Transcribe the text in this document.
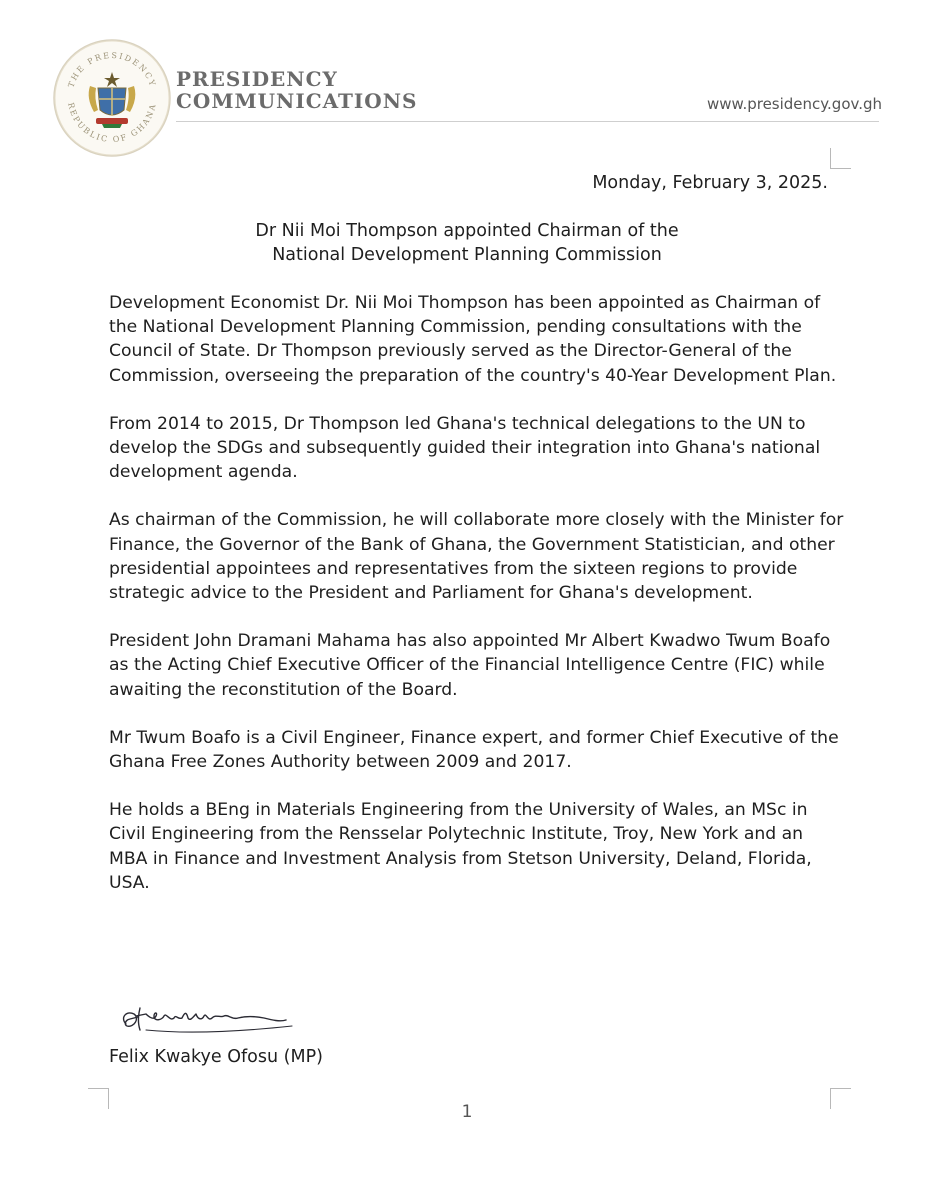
THE PRESIDENCY
REPUBLIC OF GHANA
PRESIDENCY
COMMUNICATIONS	www.presidency.gov.gh
Monday, February 3, 2025.
Dr Nii Moi Thompson appointed Chairman of the
National Development Planning Commission

Development Economist Dr. Nii Moi Thompson has been appointed as Chairman of the National Development Planning Commission, pending consultations with the Council of State. Dr Thompson previously served as the Director-General of the Commission, overseeing the preparation of the country's 40-Year Development Plan.

From 2014 to 2015, Dr Thompson led Ghana's technical delegations to the UN to develop the SDGs and subsequently guided their integration into Ghana's national development agenda.

As chairman of the Commission, he will collaborate more closely with the Minister for Finance, the Governor of the Bank of Ghana, the Government Statistician, and other presidential appointees and representatives from the sixteen regions to provide strategic advice to the President and Parliament for Ghana's development.

President John Dramani Mahama has also appointed Mr Albert Kwadwo Twum Boafo as the Acting Chief Executive Officer of the Financial Intelligence Centre (FIC) while awaiting the reconstitution of the Board.

Mr Twum Boafo is a Civil Engineer, Finance expert, and former Chief Executive of the Ghana Free Zones Authority between 2009 and 2017.

He holds a BEng in Materials Engineering from the University of Wales, an MSc in Civil Engineering from the Rensselar Polytechnic Institute, Troy, New York and an MBA in Finance and Investment Analysis from Stetson University, Deland, Florida, USA.

Felix Kwakye Ofosu (MP)
1
